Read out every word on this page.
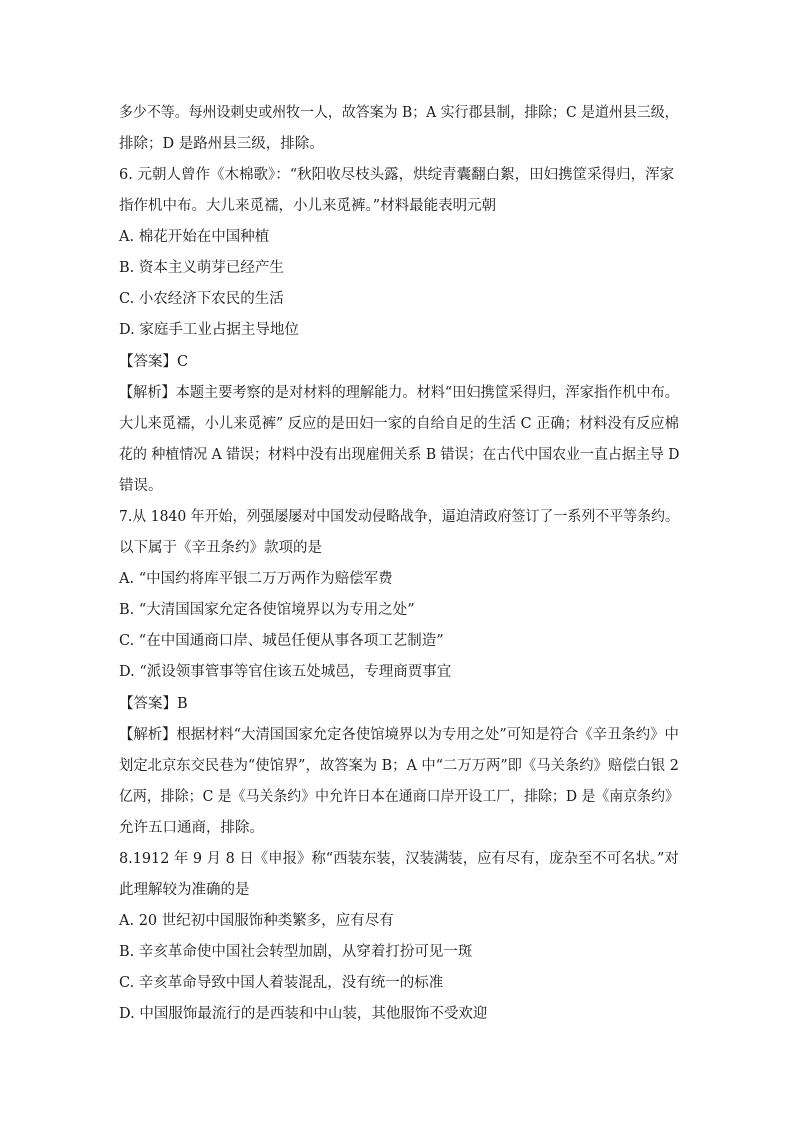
多少不等。每州设刺史或州牧一人，故答案为 B；A 实行郡县制，排除；C 是道州县三级，
排除；D 是路州县三级，排除。
6. 元朝人曾作《木棉歌》：“秋阳收尽枝头露，烘绽青囊翻白絮，田妇携筐采得归，浑家
指作机中布。大儿来觅襦，小儿来觅裤。”材料最能表明元朝
A. 棉花开始在中国种植
B. 资本主义萌芽已经产生
C. 小农经济下农民的生活
D. 家庭手工业占据主导地位
【答案】C
【解析】本题主要考察的是对材料的理解能力。材料“田妇携筐采得归，浑家指作机中布。
大儿来觅襦，小儿来觅裤” 反应的是田妇一家的自给自足的生活 C 正确；材料没有反应棉
花的 种植情况 A 错误；材料中没有出现雇佣关系 B 错误；在古代中国农业一直占据主导 D
错误。
7.从 1840 年开始，列强屡屡对中国发动侵略战争，逼迫清政府签订了一系列不平等条约。
以下属于《辛丑条约》款项的是
A. “中国约将库平银二万万两作为赔偿军费
B. “大清国国家允定各使馆境界以为专用之处”
C. “在中国通商口岸、城邑任便从事各项工艺制造”
D. “派设领事管事等官住该五处城邑，专理商贾事宜
【答案】B
【解析】根据材料“大清国国家允定各使馆境界以为专用之处”可知是符合《辛丑条约》中
划定北京东交民巷为“使馆界”，故答案为 B；A 中“二万万两”即《马关条约》赔偿白银 2
亿两，排除；C 是《马关条约》中允许日本在通商口岸开设工厂，排除；D 是《南京条约》
允许五口通商，排除。
8.1912 年 9 月 8 日《申报》称“西装东装，汉装满装，应有尽有，庞杂至不可名状。”对
此理解较为准确的是
A. 20 世纪初中国服饰种类繁多，应有尽有
B. 辛亥革命使中国社会转型加剧，从穿着打扮可见一斑
C. 辛亥革命导致中国人着装混乱，没有统一的标准
D. 中国服饰最流行的是西装和中山装，其他服饰不受欢迎
